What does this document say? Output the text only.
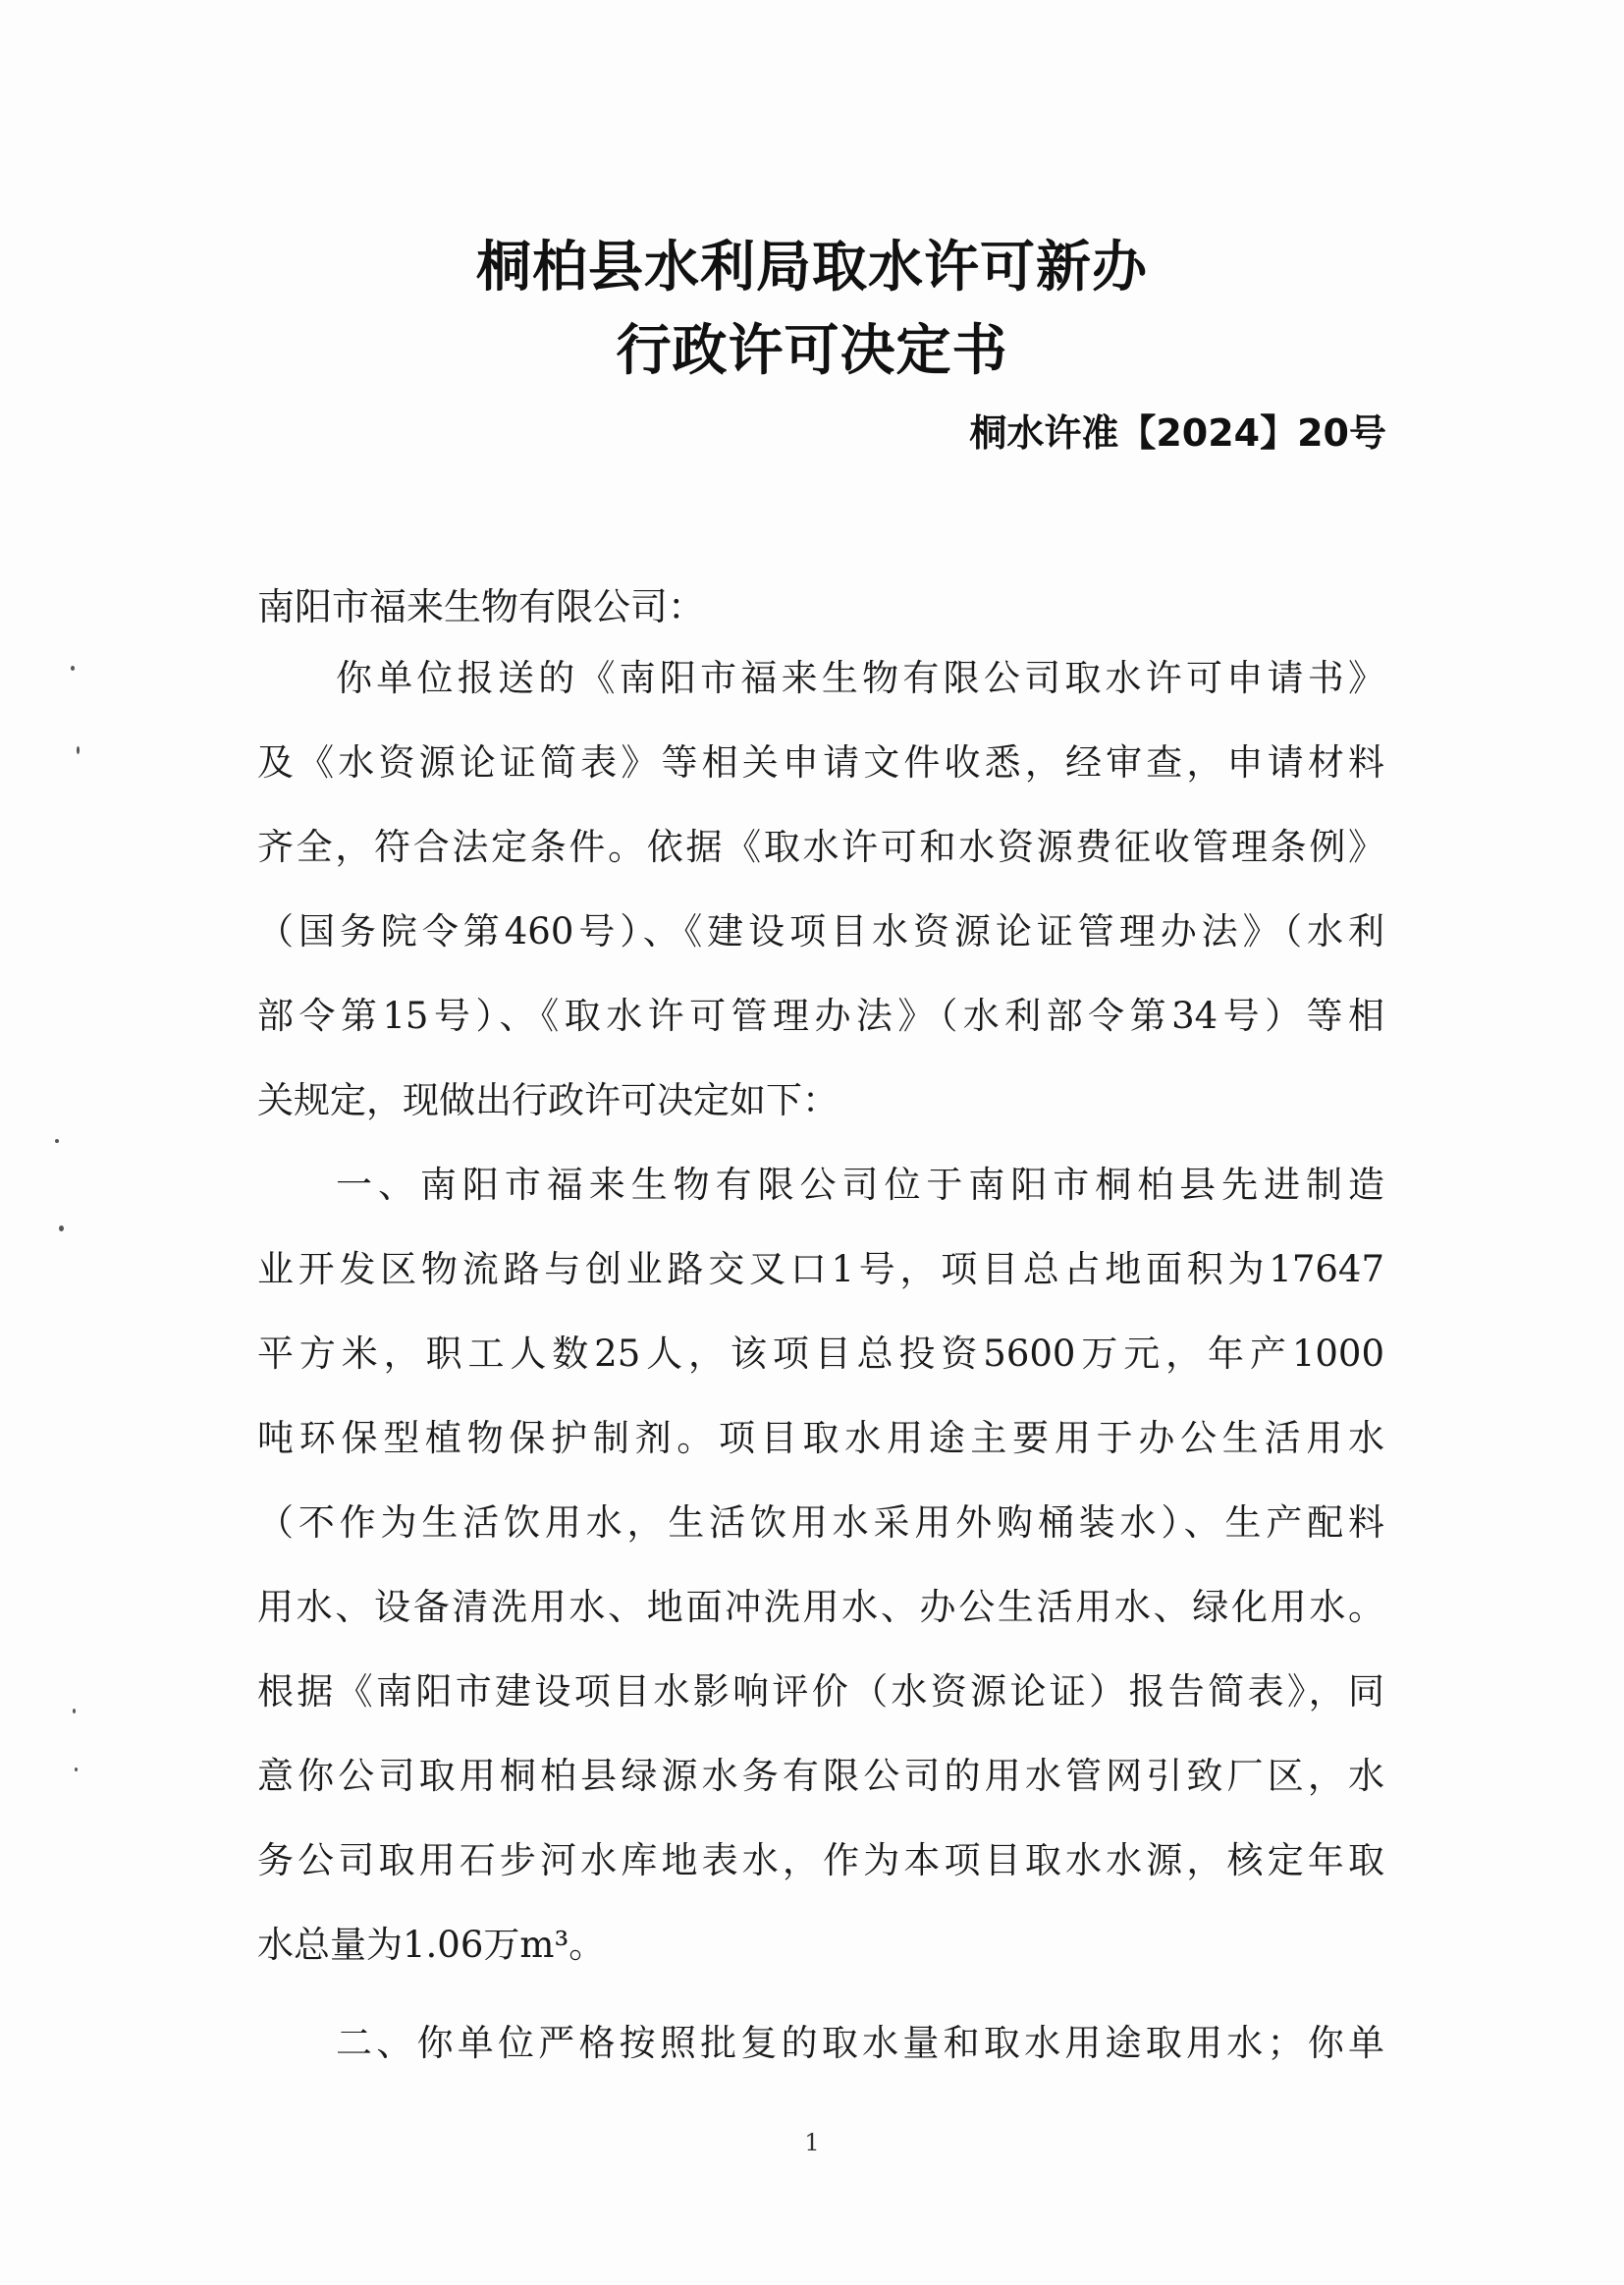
桐柏县水利局取水许可新办
行政许可决定书
桐水许准【2024】20号
南阳市福来生物有限公司：
你单位报送的《南阳市福来生物有限公司取水许可申请书》
及《水资源论证简表》等相关申请文件收悉，经审查，申请材料
齐全，符合法定条件。依据《取水许可和水资源费征收管理条例》
（国务院令第460号）、《建设项目水资源论证管理办法》（水利
部令第15号）、《取水许可管理办法》（水利部令第34号）等相
关规定，现做出行政许可决定如下：
一、南阳市福来生物有限公司位于南阳市桐柏县先进制造
业开发区物流路与创业路交叉口1号，项目总占地面积为17647
平方米，职工人数25人，该项目总投资5600万元，年产1000
吨环保型植物保护制剂。项目取水用途主要用于办公生活用水
（不作为生活饮用水，生活饮用水采用外购桶装水）、生产配料
用水、设备清洗用水、地面冲洗用水、办公生活用水、绿化用水。
根据《南阳市建设项目水影响评价（水资源论证）报告简表》，同
意你公司取用桐柏县绿源水务有限公司的用水管网引致厂区，水
务公司取用石步河水库地表水，作为本项目取水水源，核定年取
水总量为1.06万m³。
二、你单位严格按照批复的取水量和取水用途取用水；你单
1
